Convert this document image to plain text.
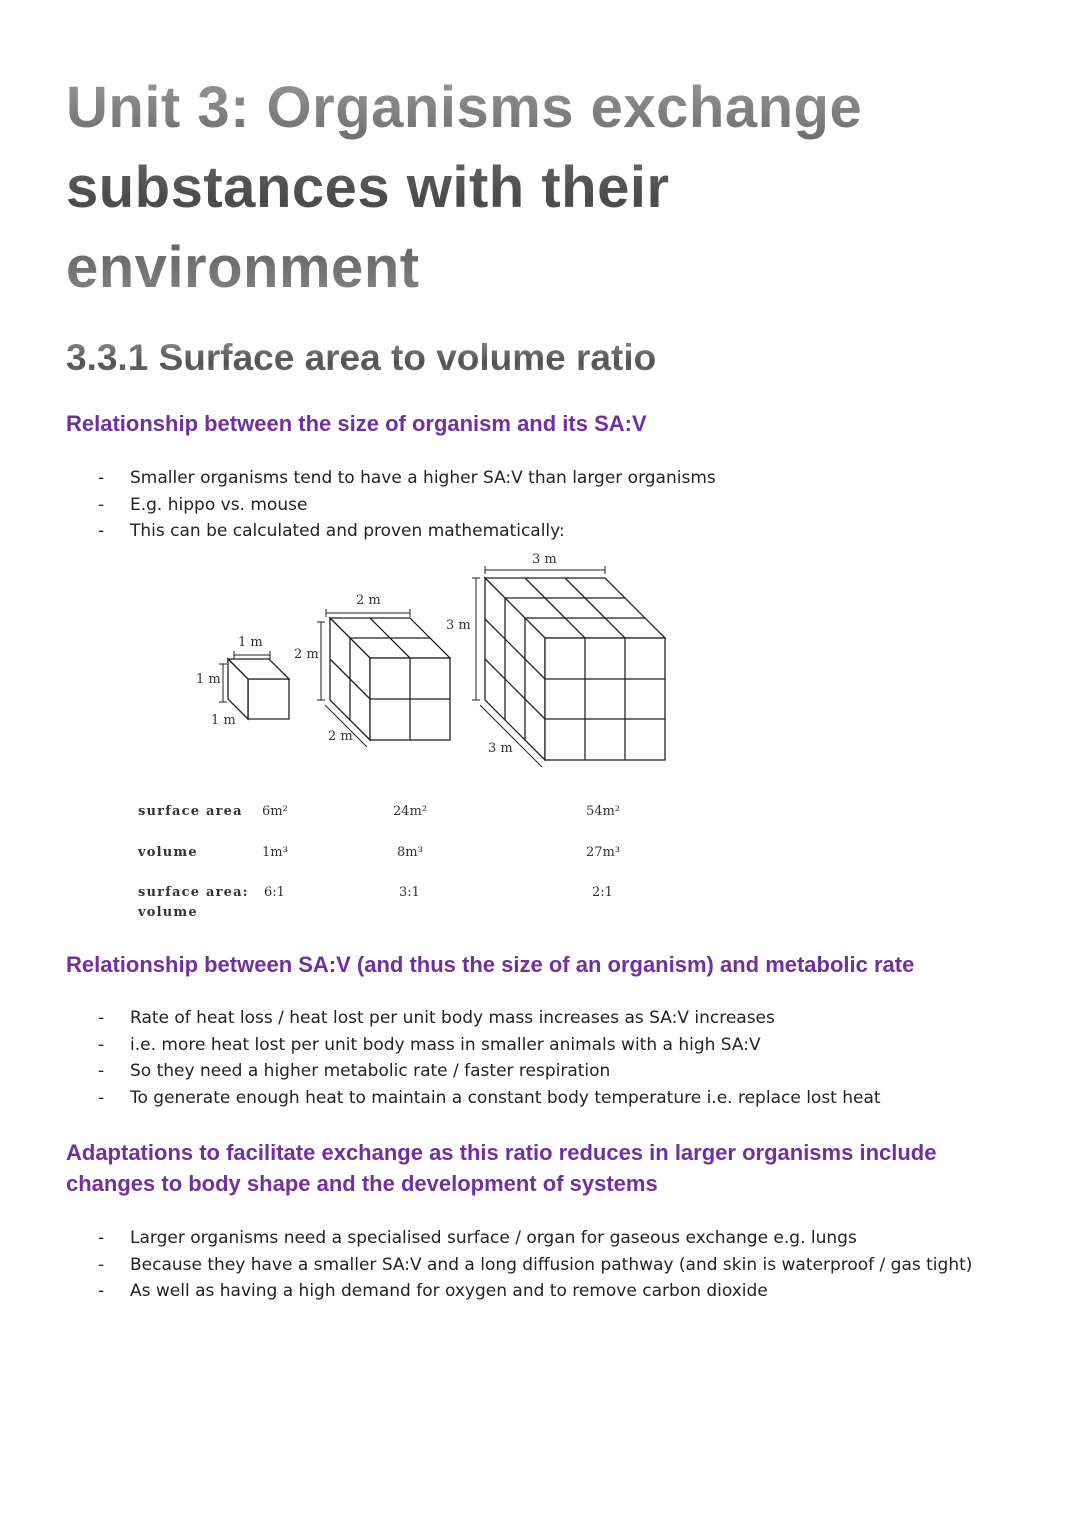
Unit 3: Organisms exchange
substances with their
environment
3.3.1 Surface area to volume ratio
Relationship between the size of organism and its SA:V
- Smaller organisms tend to have a higher SA:V than larger organisms
- E.g. hippo vs. mouse
- This can be calculated and proven mathematically:
1 m
1 m
1 m
2 m
2 m
2 m
3 m
3 m
3 m
surface area 6m²	24m²	54m²
volume	1m³	8m³	27m³
surface area:
volume
6:1	3:1	2:1
Relationship between SA:V (and thus the size of an organism) and metabolic rate
- Rate of heat loss / heat lost per unit body mass increases as SA:V increases
- i.e. more heat lost per unit body mass in smaller animals with a high SA:V
- So they need a higher metabolic rate / faster respiration
- To generate enough heat to maintain a constant body temperature i.e. replace lost heat
Adaptations to facilitate exchange as this ratio reduces in larger organisms include changes to body shape and the development of systems
- Larger organisms need a specialised surface / organ for gaseous exchange e.g. lungs
- Because they have a smaller SA:V and a long diffusion pathway (and skin is waterproof / gas tight)
- As well as having a high demand for oxygen and to remove carbon dioxide
